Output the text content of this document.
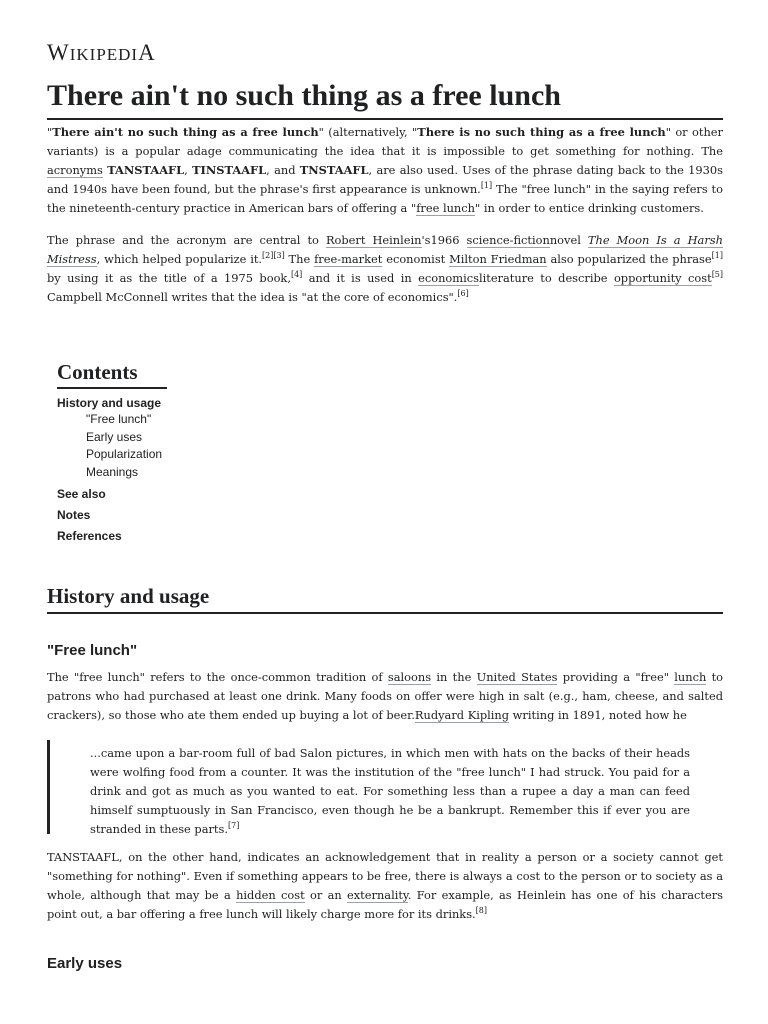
WIKIPEDIA
There ain't no such thing as a free lunch

"There ain't no such thing as a free lunch" (alternatively, "There is no such thing as a free lunch" or other variants) is a popular adage communicating the idea that it is impossible to get something for nothing. The acronyms TANSTAAFL, TINSTAAFL, and TNSTAAFL, are also used. Uses of the phrase dating back to the 1930s and 1940s have been found, but the phrase's first appearance is unknown.[1] The "free lunch" in the saying refers to the nineteenth-century practice in American bars of offering a "free lunch" in order to entice drinking customers.

The phrase and the acronym are central to Robert Heinlein's1966 science-fictionnovel The Moon Is a Harsh Mistress, which helped popularize it.[2][3] The free-market economist Milton Friedman also popularized the phrase[1] by using it as the title of a 1975 book,[4] and it is used in economicsliterature to describe opportunity cost[5] Campbell McConnell writes that the idea is "at the core of economics".[6]

Contents
History and usage
"Free lunch"
Early uses
Popularization
Meanings
See also
Notes
References
History and usage
"Free lunch"

The "free lunch" refers to the once-common tradition of saloons in the United States providing a "free" lunch to patrons who had purchased at least one drink. Many foods on offer were high in salt (e.g., ham, cheese, and salted crackers), so those who ate them ended up buying a lot of beer.Rudyard Kipling writing in 1891, noted how he

...came upon a bar-room full of bad Salon pictures, in which men with hats on the backs of their heads were wolfing food from a counter. It was the institution of the "free lunch" I had struck. You paid for a drink and got as much as you wanted to eat. For something less than a rupee a day a man can feed himself sumptuously in San Francisco, even though he be a bankrupt. Remember this if ever you are stranded in these parts.[7]

TANSTAAFL, on the other hand, indicates an acknowledgement that in reality a person or a society cannot get "something for nothing". Even if something appears to be free, there is always a cost to the person or to society as a whole, although that may be a hidden cost or an externality. For example, as Heinlein has one of his characters point out, a bar offering a free lunch will likely charge more for its drinks.[8]

Early uses
